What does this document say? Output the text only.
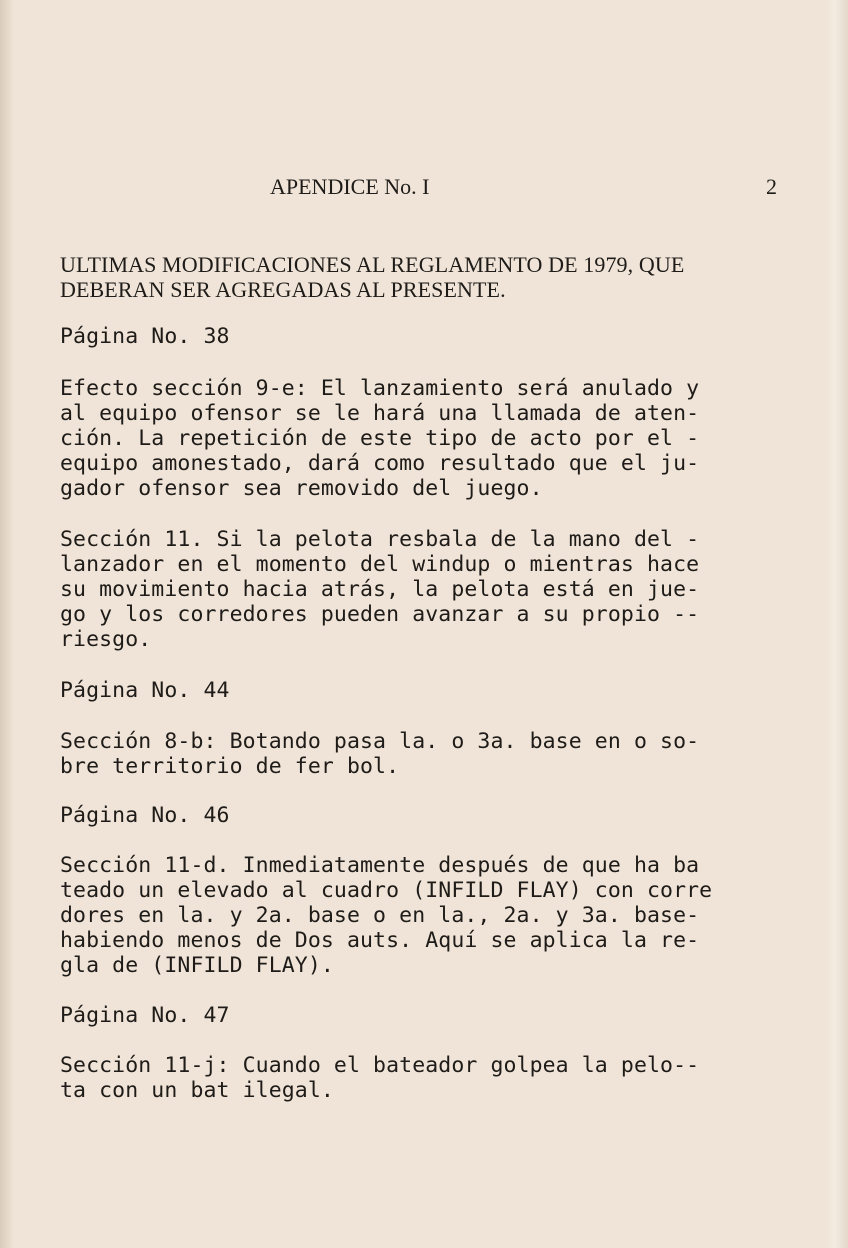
APENDICE No. I	2
ULTIMAS MODIFICACIONES AL REGLAMENTO DE 1979, QUE
DEBERAN SER AGREGADAS AL PRESENTE.
Página No. 38
Efecto sección 9-e: El lanzamiento será anulado y
al equipo ofensor se le hará una llamada de aten-
ción. La repetición de este tipo de acto por el -
equipo amonestado, dará como resultado que el ju-
gador ofensor sea removido del juego.
Sección 11. Si la pelota resbala de la mano del -
lanzador en el momento del windup o mientras hace
su movimiento hacia atrás, la pelota está en jue-
go y los corredores pueden avanzar a su propio --
riesgo.
Página No. 44
Sección 8-b: Botando pasa la. o 3a. base en o so-
bre territorio de fer bol.
Página No. 46
Sección 11-d. Inmediatamente después de que ha ba
teado un elevado al cuadro (INFILD FLAY) con corre
dores en la. y 2a. base o en la., 2a. y 3a. base-
habiendo menos de Dos auts. Aquí se aplica la re-
gla de (INFILD FLAY).
Página No. 47
Sección 11-j: Cuando el bateador golpea la pelo--
ta con un bat ilegal.
